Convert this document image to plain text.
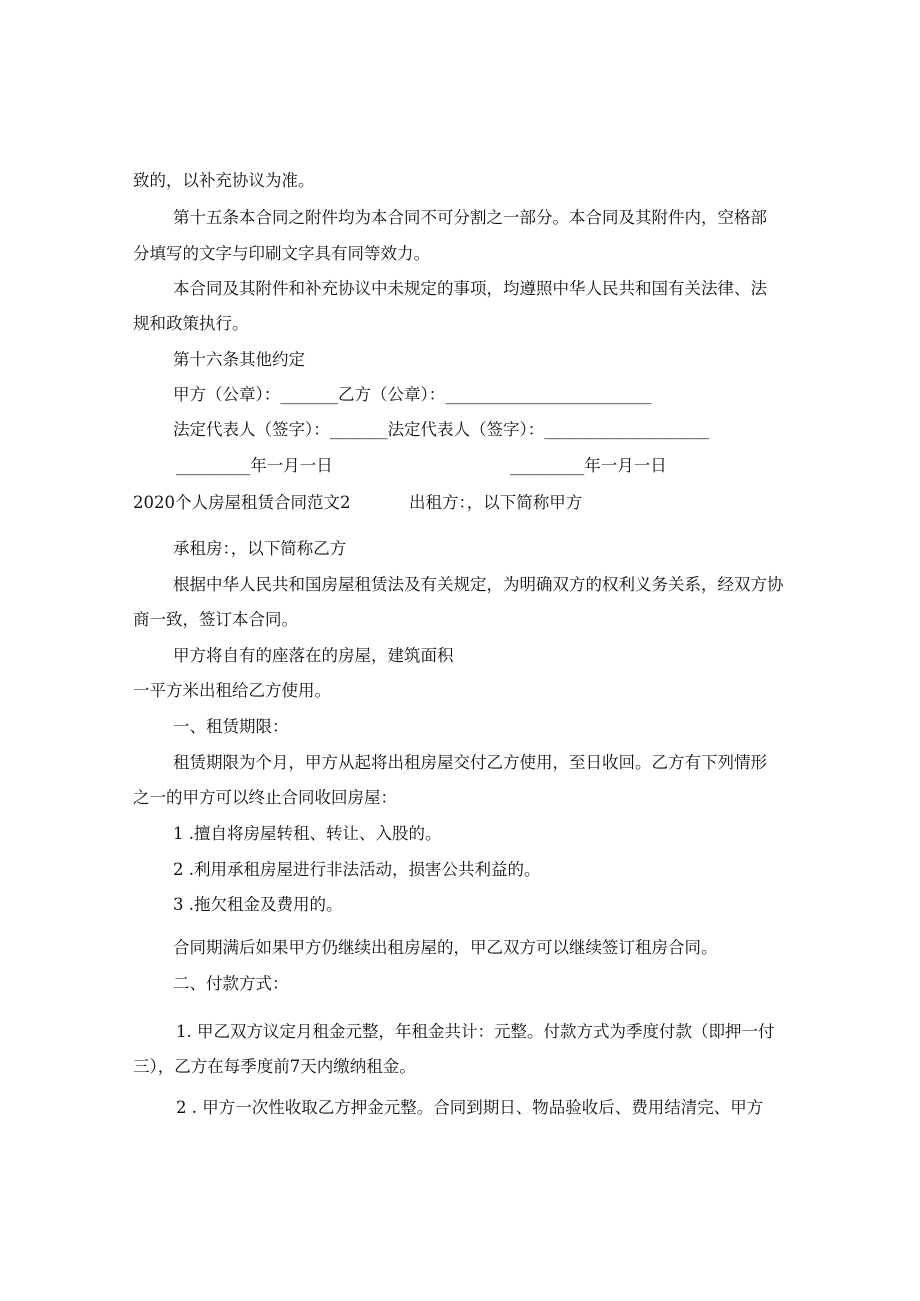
致的，以补充协议为准。
第十五条本合同之附件均为本合同不可分割之一部分。本合同及其附件内，空格部
分填写的文字与印刷文字具有同等效力。
本合同及其附件和补充协议中未规定的事项，均遵照中华人民共和国有关法律、法
规和政策执行。
第十六条其他约定
甲方（公章）：_______乙方（公章）：_________________________
法定代表人（签字）：_______法定代表人（签字）：____________________
_________年一月一日	_________年一月一日
2020个人房屋租赁合同范文2	出租方：，以下简称甲方
承租房：，以下简称乙方
根据中华人民共和国房屋租赁法及有关规定，为明确双方的权利义务关系，经双方协
商一致，签订本合同。
甲方将自有的座落在的房屋，建筑面积
一平方米出租给乙方使用。
一、租赁期限：
租赁期限为个月，甲方从起将出租房屋交付乙方使用，至日收回。乙方有下列情形
之一的甲方可以终止合同收回房屋：
1 .擅自将房屋转租、转让、入股的。
2 .利用承租房屋进行非法活动，损害公共利益的。
3 .拖欠租金及费用的。
合同期满后如果甲方仍继续出租房屋的，甲乙双方可以继续签订租房合同。
二、付款方式：
1. 甲乙双方议定月租金元整，年租金共计：元整。付款方式为季度付款（即押一付
三），乙方在每季度前7天内缴纳租金。
2 . 甲方一次性收取乙方押金元整。合同到期日、物品验收后、费用结清完、甲方
